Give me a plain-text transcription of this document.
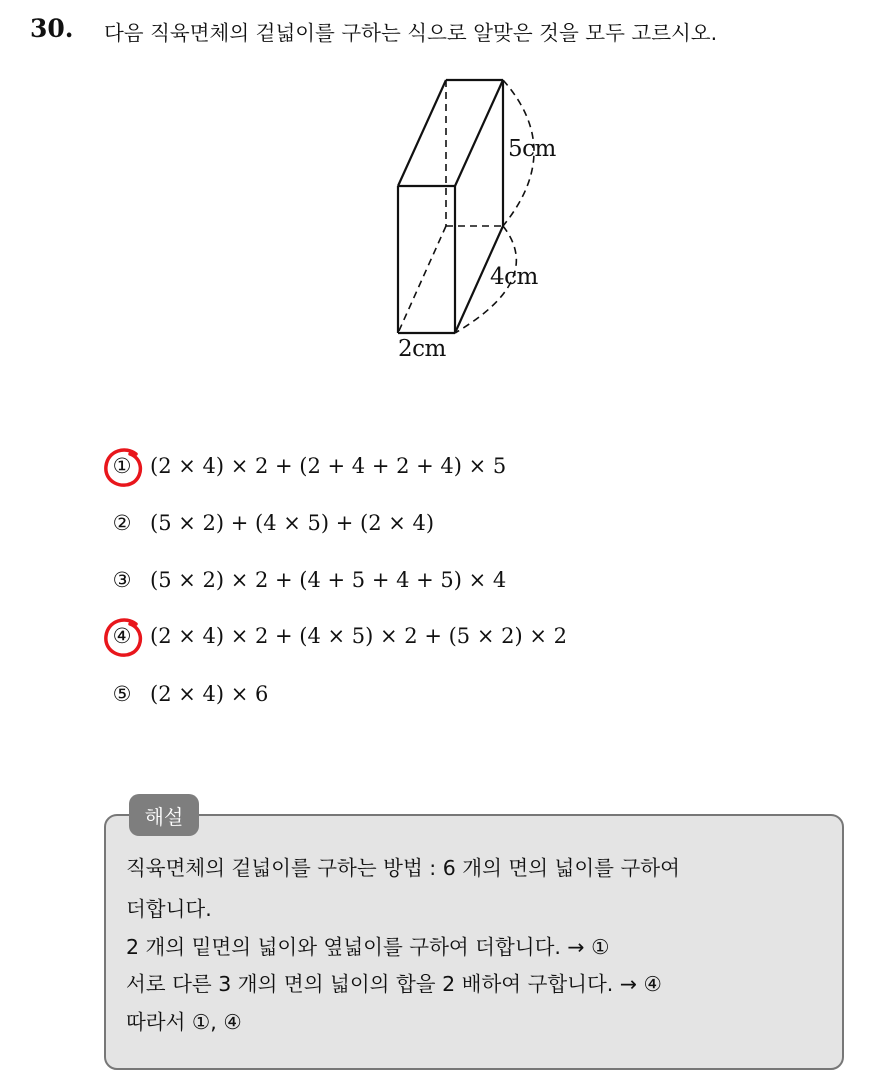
30. 다음 직육면체의 겉넓이를 구하는 식으로 알맞은 것을 모두 고르시오.
5cm
4cm
2cm
① (2 × 4) × 2 + (2 + 4 + 2 + 4) × 5
② (5 × 2) + (4 × 5) + (2 × 4)
③ (5 × 2) × 2 + (4 + 5 + 4 + 5) × 4
④ (2 × 4) × 2 + (4 × 5) × 2 + (5 × 2) × 2
⑤ (2 × 4) × 6
해설
직육면체의 겉넓이를 구하는 방법 : 6 개의 면의 넓이를 구하여
더합니다.
2 개의 밑면의 넓이와 옆넓이를 구하여 더합니다. → ①
서로 다른 3 개의 면의 넓이의 합을 2 배하여 구합니다. → ④
따라서 ①, ④
